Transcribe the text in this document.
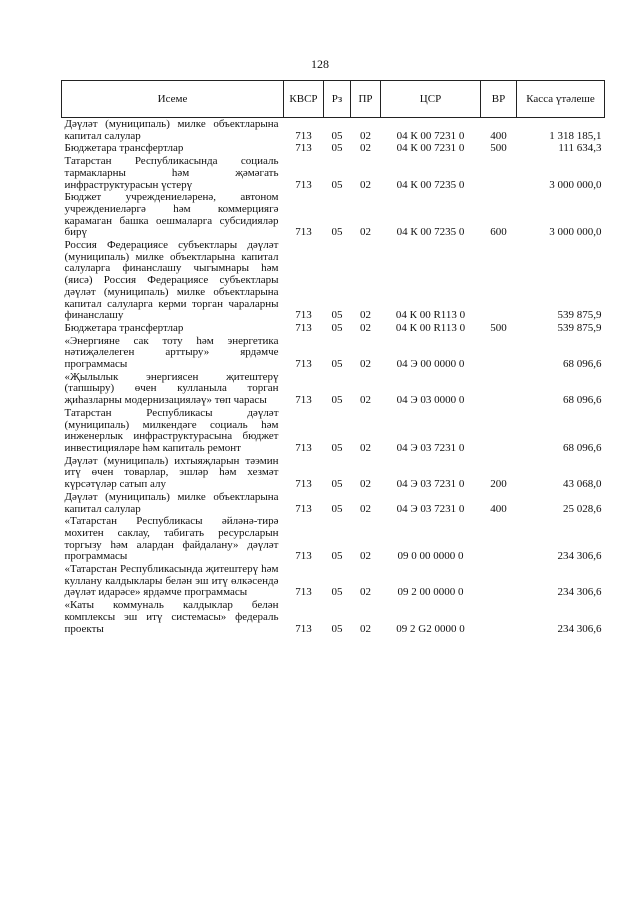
128
Исеме	КВСР	Рз	ПР	ЦСР	ВР	Касса үтәлеше
Дәүләт (муниципаль) милке объектларына капитал салулар	713	05	02	04 К 00 7231 0	400	1 318 185,1
Бюджетара трансфертлар	713	05	02	04 К 00 7231 0	500	111 634,3
Татарстан Республикасында социаль тармакларны һәм җәмәгать инфраструктурасын үстерү	713	05	02	04 К 00 7235 0		3 000 000,0
Бюджет учреждениеләренә, автоном учреждениеләргә һәм коммерциягә карамаган башка оешмаларга субсидияләр бирү	713	05	02	04 К 00 7235 0	600	3 000 000,0
Россия Федерациясе субъектлары дәүләт (муниципаль) милке объектларына капитал салуларга финанслашу чыгымнары һәм (яисә) Россия Федерациясе субъектлары дәүләт (муниципаль) милке объектларына капитал салуларга керми торган чараларны финанслашу	713	05	02	04 К 00 R113 0		539 875,9
Бюджетара трансфертлар	713	05	02	04 К 00 R113 0	500	539 875,9
«Энергияне сак тоту һәм энергетика нәтиҗәлелеген арттыру» ярдәмче программасы	713	05	02	04 Э 00 0000 0		68 096,6
«Җылылык энергиясен җитештерү (тапшыру) өчен кулланыла торган җиһазларны модернизацияләү» төп чарасы	713	05	02	04 Э 03 0000 0		68 096,6
Татарстан Республикасы дәүләт (муниципаль) милкендәге социаль һәм инженерлык инфраструктурасына бюджет инвестицияләре һәм капиталь ремонт	713	05	02	04 Э 03 7231 0		68 096,6
Дәүләт (муниципаль) ихтыяҗларын тәэмин итү өчен товарлар, эшләр һәм хезмәт күрсәтүләр сатып алу	713	05	02	04 Э 03 7231 0	200	43 068,0
Дәүләт (муниципаль) милке объектларына капитал салулар	713	05	02	04 Э 03 7231 0	400	25 028,6
«Татарстан Республикасы әйләнә-тирә мохитен саклау, табигать ресурсларын торгызу һәм алардан файдалану» дәүләт программасы	713	05	02	09 0 00 0000 0		234 306,6
«Татарстан Республикасында җитештерү һәм куллану калдыклары белән эш итү өлкәсендә дәүләт идарәсе» ярдәмче программасы	713	05	02	09 2 00 0000 0		234 306,6
«Каты коммуналь калдыклар белән комплексы эш итү системасы» федераль проекты	713	05	02	09 2 G2 0000 0		234 306,6
